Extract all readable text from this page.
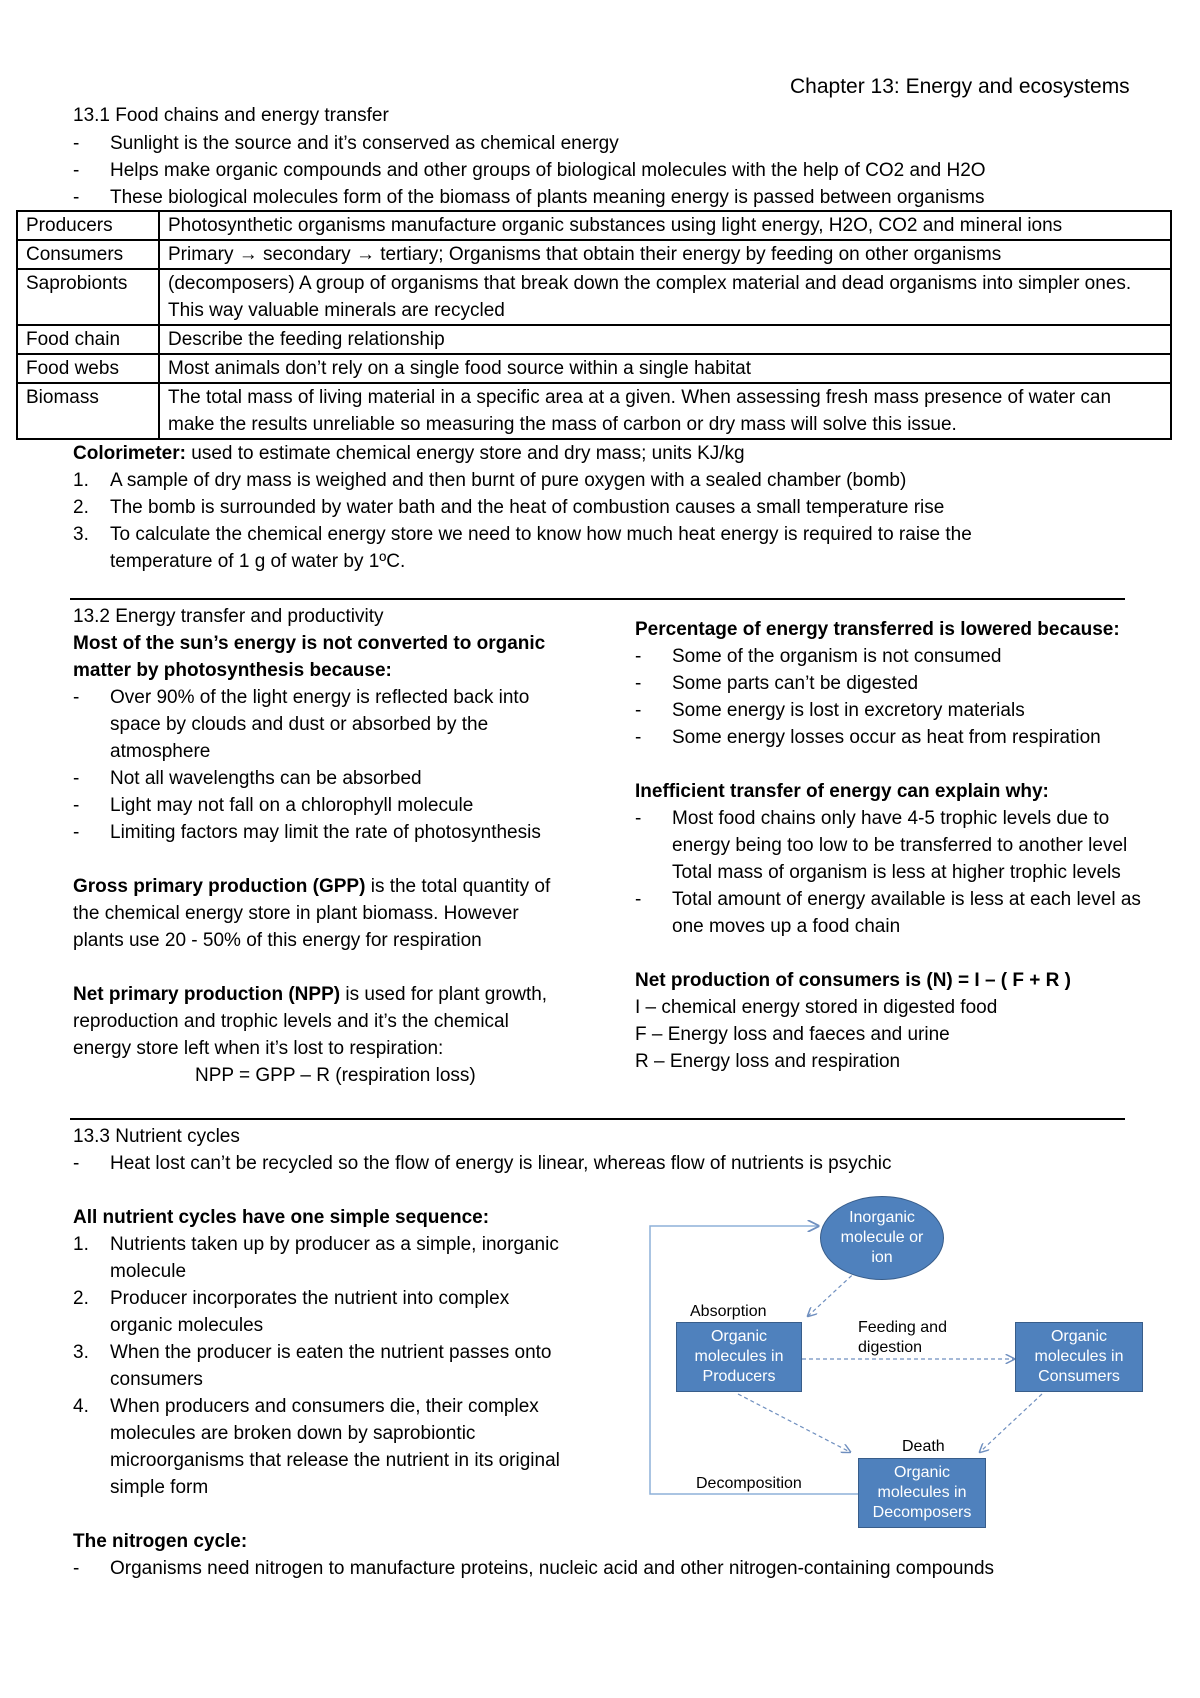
Chapter 13: Energy and ecosystems
13.1 Food chains and energy transfer
- Sunlight is the source and it’s conserved as chemical energy
- Helps make organic compounds and other groups of biological molecules with the help of CO2 and H2O
- These biological molecules form of the biomass of plants meaning energy is passed between organisms
Producers	Photosynthetic organisms manufacture organic substances using light energy, H2O, CO2 and mineral ions
Consumers	Primary → secondary → tertiary; Organisms that obtain their energy by feeding on other organisms
Saprobionts	(decomposers) A group of organisms that break down the complex material and dead organisms into simpler ones. This way valuable minerals are recycled
Food chain	Describe the feeding relationship
Food webs	Most animals don’t rely on a single food source within a single habitat
Biomass	The total mass of living material in a specific area at a given. When assessing fresh mass presence of water can make the results unreliable so measuring the mass of carbon or dry mass will solve this issue.
Colorimeter: used to estimate chemical energy store and dry mass; units KJ/kg
1. A sample of dry mass is weighed and then burnt of pure oxygen with a sealed chamber (bomb)
2. The bomb is surrounded by water bath and the heat of combustion causes a small temperature rise
3. To calculate the chemical energy store we need to know how much heat energy is required to raise the
temperature of 1 g of water by 1ºC.
13.2 Energy transfer and productivity
Most of the sun’s energy is not converted to organic
matter by photosynthesis because:
- Over 90% of the light energy is reflected back into
space by clouds and dust or absorbed by the
atmosphere
- Not all wavelengths can be absorbed
- Light may not fall on a chlorophyll molecule
- Limiting factors may limit the rate of photosynthesis
Gross primary production (GPP) is the total quantity of
the chemical energy store in plant biomass. However
plants use 20 - 50% of this energy for respiration
Net primary production (NPP) is used for plant growth,
reproduction and trophic levels and it’s the chemical
energy store left when it’s lost to respiration:
NPP = GPP – R (respiration loss)
Percentage of energy transferred is lowered because:
- Some of the organism is not consumed
- Some parts can’t be digested
- Some energy is lost in excretory materials
- Some energy losses occur as heat from respiration
Inefficient transfer of energy can explain why:
- Most food chains only have 4-5 trophic levels due to
energy being too low to be transferred to another level
Total mass of organism is less at higher trophic levels
- Total amount of energy available is less at each level as
one moves up a food chain
Net production of consumers is (N) = I – ( F + R )
I – chemical energy stored in digested food
F – Energy loss and faeces and urine
R – Energy loss and respiration
13.3 Nutrient cycles
- Heat lost can’t be recycled so the flow of energy is linear, whereas flow of nutrients is psychic
All nutrient cycles have one simple sequence:
1. Nutrients taken up by producer as a simple, inorganic
molecule
2. Producer incorporates the nutrient into complex
organic molecules
3. When the producer is eaten the nutrient passes onto
consumers
4. When producers and consumers die, their complex
molecules are broken down by saprobiontic
microorganisms that release the nutrient in its original
simple form
The nitrogen cycle:
- Organisms need nitrogen to manufacture proteins, nucleic acid and other nitrogen-containing compounds
Inorganic molecule or ion
Organic molecules in Producers
Organic molecules in Consumers
Organic molecules in Decomposers
Absorption
Feeding and digestion
Death
Decomposition
